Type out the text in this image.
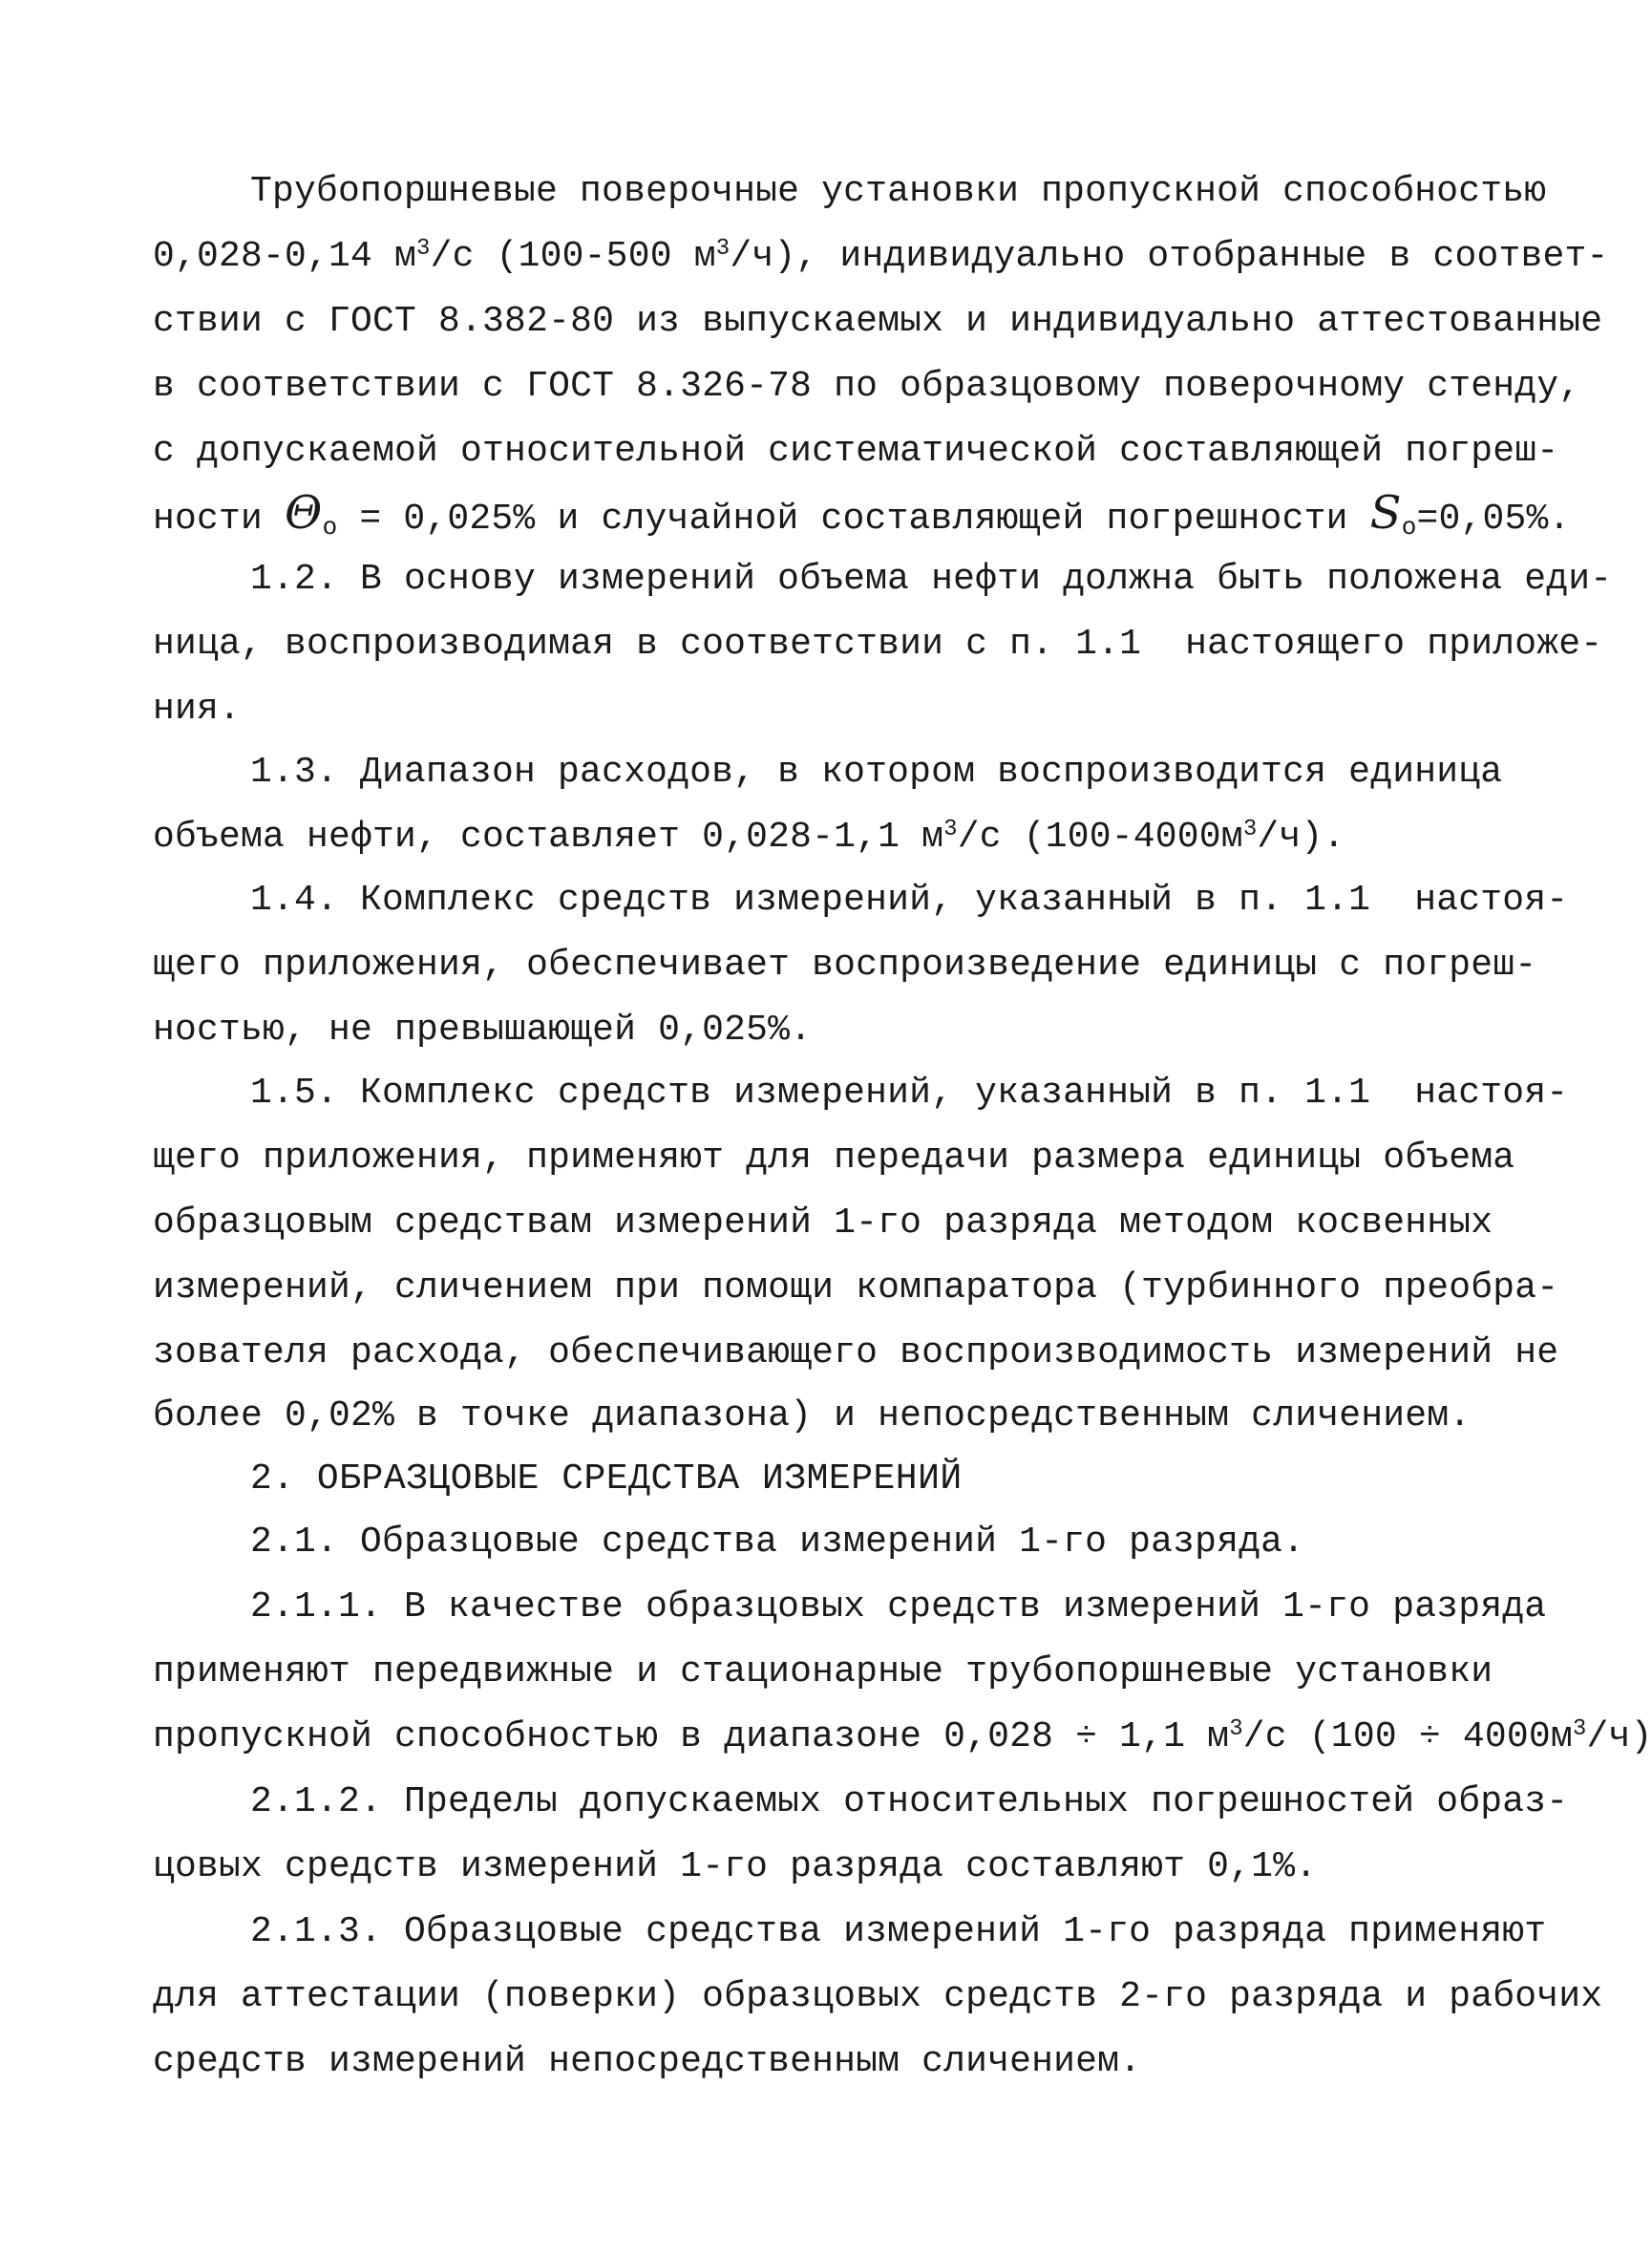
Трубопоршневые поверочные установки пропускной способностью
0,028-0,14 $м^3/с$ (100-500 $м^3/ч$), индивидуально отобранные в соответ-
ствии с ГОСТ 8.382-80 из выпускаемых и индивидуально аттестованные
в соответствии с ГОСТ 8.326-78 по образцовому поверочному стенду,
с допускаемой относительной систематической составляющей погреш-
ности $\Theta_о = 0,025\%$ и случайной составляющей погрешности $S_о=0,05\%$.
1.2. В основу измерений объема нефти должна быть положена еди-
ница, воспроизводимая в соответствии с п. 1.1  настоящего приложе-
ния.
1.3. Диапазон расходов, в котором воспроизводится единица
объема нефти, составляет 0,028-1,1 $м^3/с$ $(100-4000м^3/ч)$.
1.4. Комплекс средств измерений, указанный в п. 1.1  настоя-
щего приложения, обеспечивает воспроизведение единицы с погреш-
ностью, не превышающей 0,025%.
1.5. Комплекс средств измерений, указанный в п. 1.1  настоя-
щего приложения, применяют для передачи размера единицы объема
образцовым средствам измерений 1-го разряда методом косвенных
измерений, сличением при помощи компаратора (турбинного преобра-
зователя расхода, обеспечивающего воспроизводимость измерений не
более 0,02% в точке диапазона) и непосредственным сличением.
2. ОБРАЗЦОВЫЕ СРЕДСТВА ИЗМЕРЕНИЙ
2.1. Образцовые средства измерений 1-го разряда.
2.1.1. В качестве образцовых средств измерений 1-го разряда
применяют передвижные и стационарные трубопоршневые установки
пропускной способностью в диапазоне 0,028 ÷ 1,1 $м^3/с$ $(100 \div 4000м^3/ч)$
2.1.2. Пределы допускаемых относительных погрешностей образ-
цовых средств измерений 1-го разряда составляют 0,1%.
2.1.3. Образцовые средства измерений 1-го разряда применяют
для аттестации (поверки) образцовых средств 2-го разряда и рабочих
средств измерений непосредственным сличением.
